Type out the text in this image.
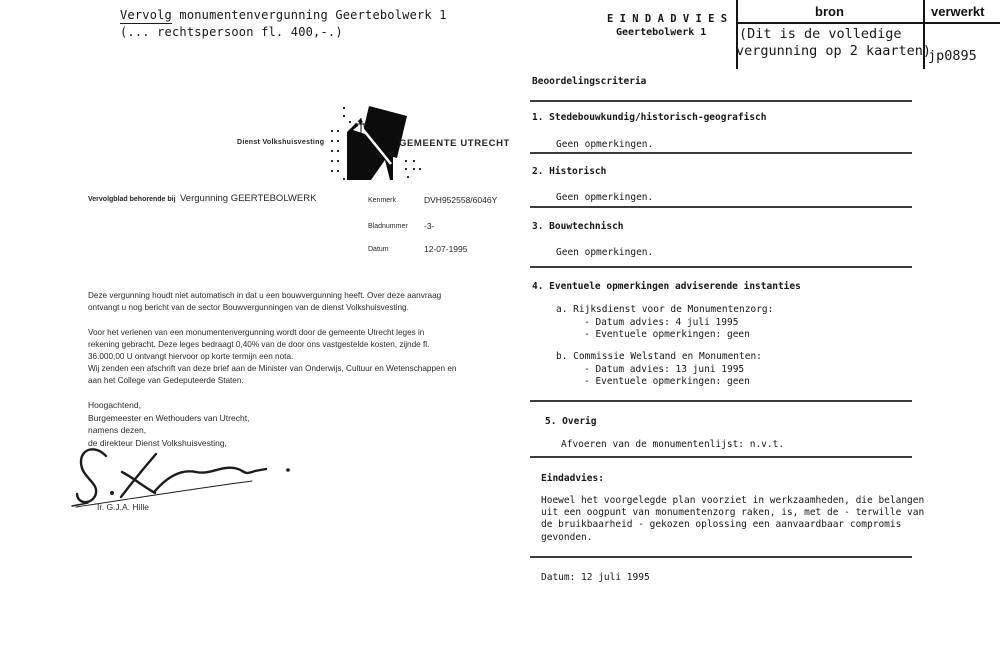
Vervolg monumentenvergunning Geertebolwerk 1
(... rechtspersoon fl. 400,-.)
Dienst Volkshuisvesting	GEMEENTE UTRECHT
Vervolgblad behorende bij Vergunning GEERTEBOLWERK	Kenmerk	DVH952558/6046Y
Bladnummer -3-
Datum	12-07-1995
Deze vergunning houdt niet automatisch in dat u een bouwvergunning heeft. Over deze aanvraag
ontvangt u nog bericht van de sector Bouwvergunningen van de dienst Volkshuisvesting.
Voor het verlenen van een monumentenvergunning wordt door de gemeente Utrecht leges in
rekening gebracht. Deze leges bedraagt 0,40% van de door ons vastgestelde kosten, zijnde fl.
36.000,00 U ontvangt hiervoor op korte termijn een nota.
Wij zenden een afschrift van deze brief aan de Minister van Onderwijs, Cultuur en Wetenschappen en
aan het College van Gedeputeerde Staten.
Hoogachtend,
Burgemeester en Wethouders van Utrecht,
namens dezen,
de direkteur Dienst Volkshuisvesting,
Ir. G.J.A. Hille
E I N D A D V I E S
Geertebolwerk 1
bron	verwerkt
(Dit is de volledige
vergunning op 2 kaarten)
jp0895
Beoordelingscriteria
1. Stedebouwkundig/historisch-geografisch
Geen opmerkingen.
2. Historisch
Geen opmerkingen.
3. Bouwtechnisch
Geen opmerkingen.
4. Eventuele opmerkingen adviserende instanties
a. Rijksdienst voor de Monumentenzorg:
- Datum advies: 4 juli 1995
- Eventuele opmerkingen: geen
b. Commissie Welstand en Monumenten:
- Datum advies: 13 juni 1995
- Eventuele opmerkingen: geen
5. Overig
Afvoeren van de monumentenlijst: n.v.t.
Eindadvies:
Hoewel het voorgelegde plan voorziet in werkzaamheden, die belangen
uit een oogpunt van monumentenzorg raken, is, met de - terwille van
de bruikbaarheid - gekozen oplossing een aanvaardbaar compromis
gevonden.
Datum: 12 juli 1995
